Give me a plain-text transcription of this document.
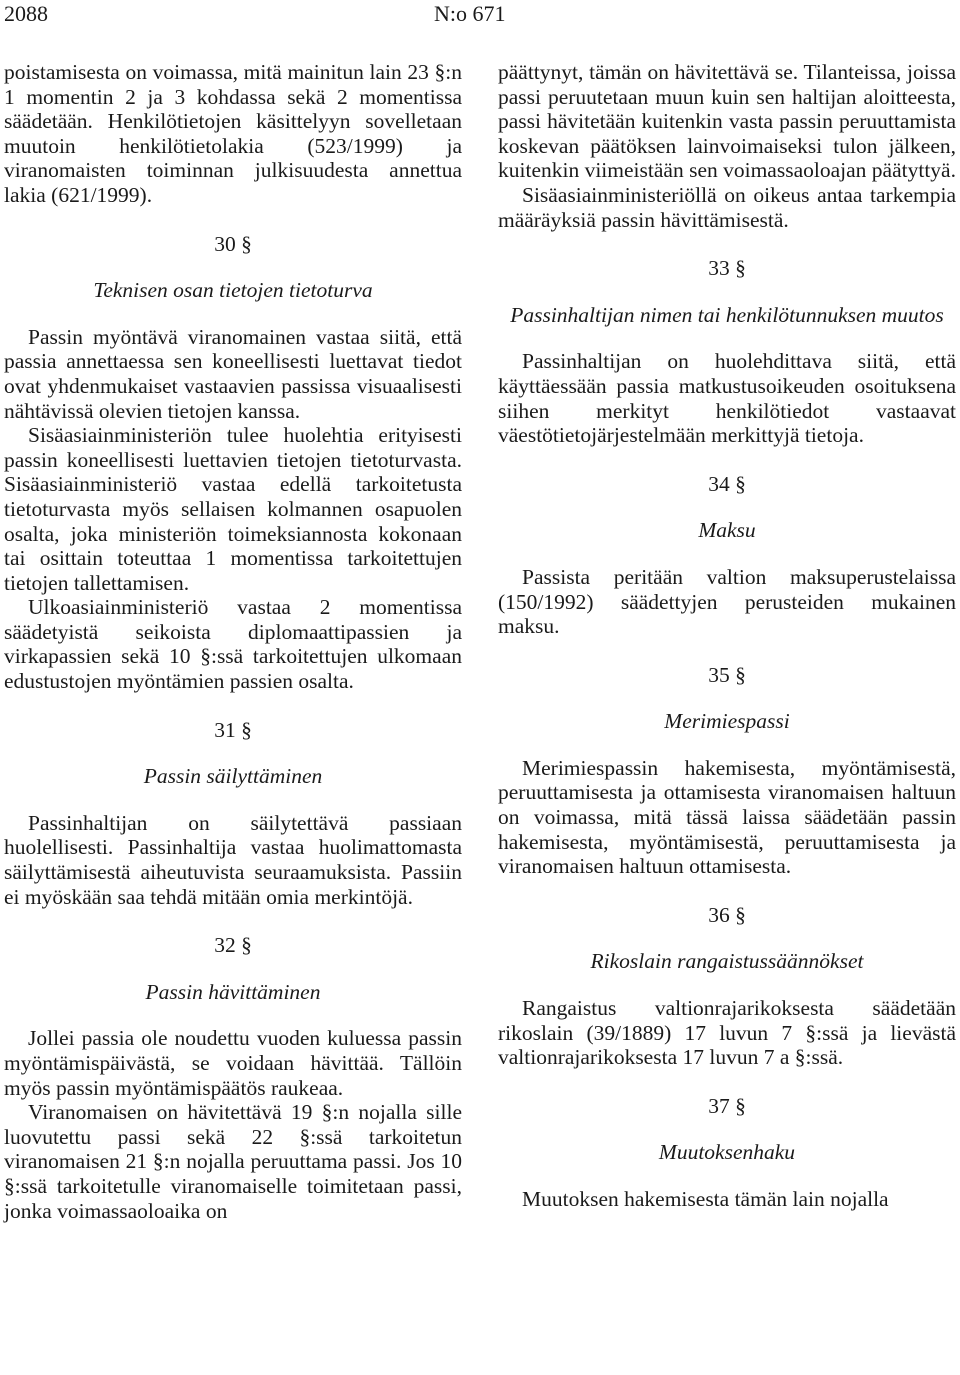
2088	N:o 671

poistamisesta on voimassa, mitä mainitun lain 23 §:n 1 momentin 2 ja 3 kohdassa sekä 2 momentissa säädetään. Henkilötietojen käsittelyyn sovelletaan muutoin henkilötietolakia (523/1999) ja viranomaisten toiminnan julkisuudesta annettua lakia (621/1999).

30 §
Teknisen osan tietojen tietoturva

Passin myöntävä viranomainen vastaa siitä, että passia annettaessa sen koneellisesti luettavat tiedot ovat yhdenmukaiset vastaavien passissa visuaalisesti nähtävissä olevien tietojen kanssa.

Sisäasiainministeriön tulee huolehtia erityisesti passin koneellisesti luettavien tietojen tietoturvasta. Sisäasiainministeriö vastaa edellä tarkoitetusta tietoturvasta myös sellaisen kolmannen osapuolen osalta, joka ministeriön toimeksiannosta kokonaan tai osittain toteuttaa 1 momentissa tarkoitettujen tietojen tallettamisen.

Ulkoasiainministeriö vastaa 2 momentissa säädetyistä seikoista diplomaattipassien ja virkapassien sekä 10 §:ssä tarkoitettujen ulkomaan edustustojen myöntämien passien osalta.

31 §
Passin säilyttäminen

Passinhaltijan on säilytettävä passiaan huolellisesti. Passinhaltija vastaa huolimattomasta säilyttämisestä aiheutuvista seuraamuksista. Passiin ei myöskään saa tehdä mitään omia merkintöjä.

32 §
Passin hävittäminen

Jollei passia ole noudettu vuoden kuluessa passin myöntämispäivästä, se voidaan hävittää. Tällöin myös passin myöntämispäätös raukeaa.

Viranomaisen on hävitettävä 19 §:n nojalla sille luovutettu passi sekä 22 §:ssä tarkoitetun viranomaisen 21 §:n nojalla peruuttama passi. Jos 10 §:ssä tarkoitetulle viranomaiselle toimitetaan passi, jonka voimassaoloaika on

päättynyt, tämän on hävitettävä se. Tilanteissa, joissa passi peruutetaan muun kuin sen haltijan aloitteesta, passi hävitetään kuitenkin vasta passin peruuttamista koskevan päätöksen lainvoimaiseksi tulon jälkeen, kuitenkin viimeistään sen voimassaoloajan päätyttyä.

Sisäasiainministeriöllä on oikeus antaa tarkempia määräyksiä passin hävittämisestä.

33 §
Passinhaltijan nimen tai henkilötunnuksen muutos

Passinhaltijan on huolehdittava siitä, että käyttäessään passia matkustusoikeuden osoituksena siihen merkityt henkilötiedot vastaavat väestötietojärjestelmään merkittyjä tietoja.

34 §
Maksu

Passista peritään valtion maksuperustelaissa (150/1992) säädettyjen perusteiden mukainen maksu.

35 §
Merimiespassi

Merimiespassin hakemisesta, myöntämisestä, peruuttamisesta ja ottamisesta viranomaisen haltuun on voimassa, mitä tässä laissa säädetään passin hakemisesta, myöntämisestä, peruuttamisesta ja viranomaisen haltuun ottamisesta.

36 §
Rikoslain rangaistussäännökset

Rangaistus valtionrajarikoksesta säädetään rikoslain (39/1889) 17 luvun 7 §:ssä ja lievästä valtionrajarikoksesta 17 luvun 7 a §:ssä.

37 §
Muutoksenhaku

Muutoksen hakemisesta tämän lain nojalla
